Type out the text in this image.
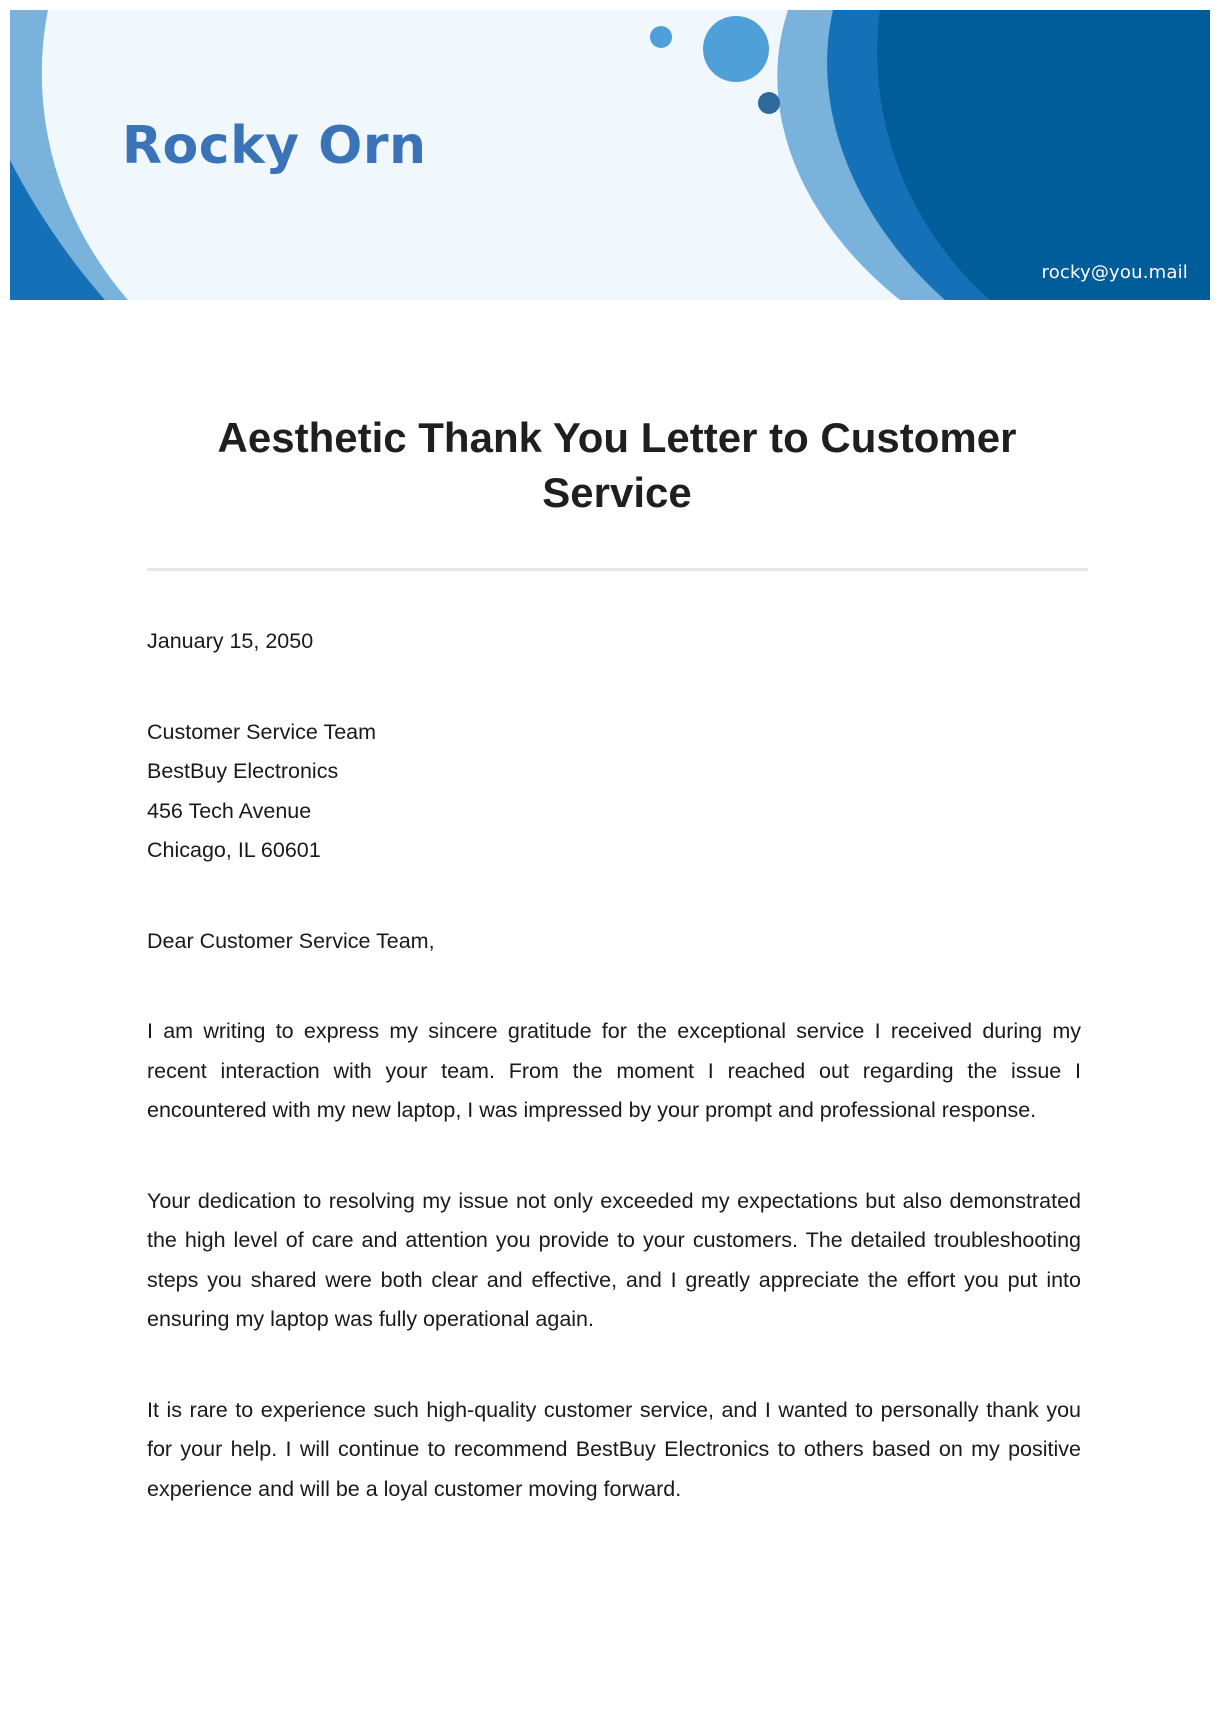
Rocky Orn
rocky@you.mail
Aesthetic Thank You Letter to Customer Service

January 15, 2050

Customer Service Team

BestBuy Electronics

456 Tech Avenue

Chicago, IL 60601

Dear Customer Service Team,

I am writing to express my sincere gratitude for the exceptional service I received during my recent interaction with your team. From the moment I reached out regarding the issue I encountered with my new laptop, I was impressed by your prompt and professional response.

Your dedication to resolving my issue not only exceeded my expectations but also demonstrated the high level of care and attention you provide to your customers. The detailed troubleshooting steps you shared were both clear and effective, and I greatly appreciate the effort you put into ensuring my laptop was fully operational again.

It is rare to experience such high-quality customer service, and I wanted to personally thank you for your help. I will continue to recommend BestBuy Electronics to others based on my positive experience and will be a loyal customer moving forward.
